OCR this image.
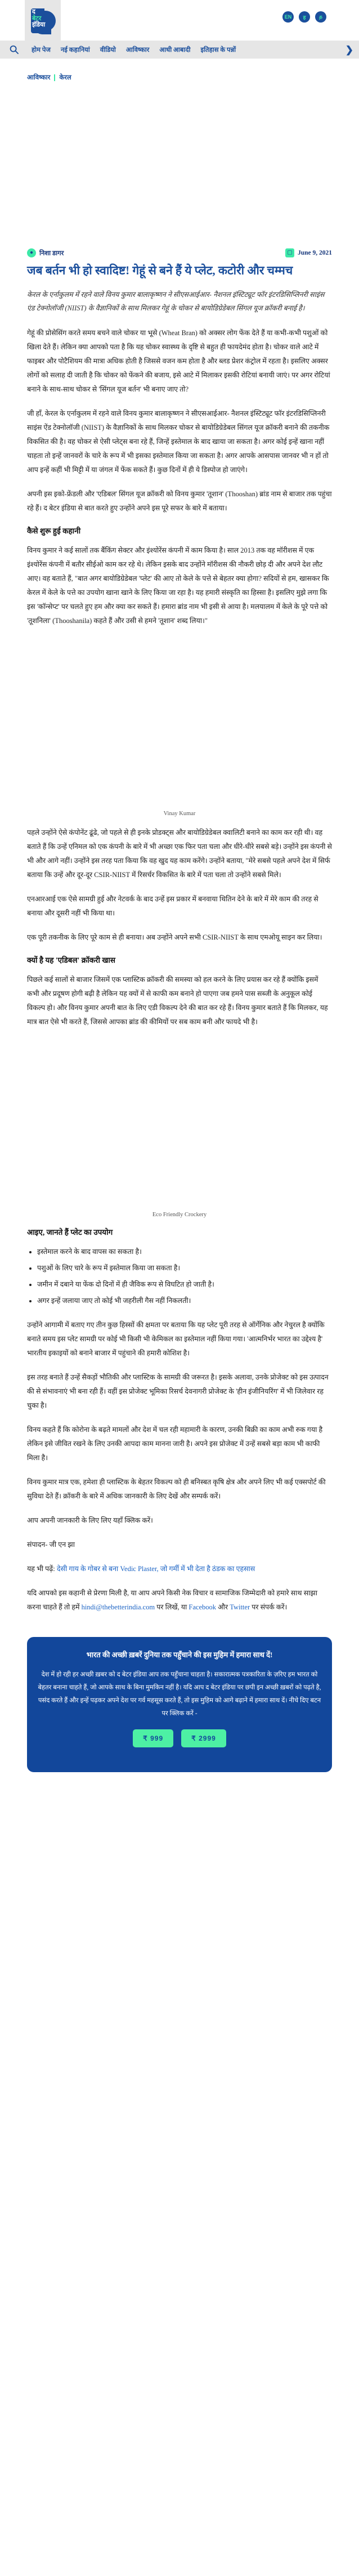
द
बेटर
इंडिया
EN	ह	த
होम पेज नई कहानियां वीडियो आविष्कार आधी आबादी इतिहास के पन्नों	❯
आविष्कार केरल
● निशा डागर	▢ June 9, 2021
जब बर्तन भी हो स्वादिष्ट! गेहूं से बने हैं ये प्लेट, कटोरी और चम्मच

केरल के एर्नाकुलम में रहने वाले विनय कुमार बालाकृष्णन ने सीएसआईआर- नैशनल इंस्टिट्यूट फॉर इंटरडिसिप्लिनरी साइंस एंड टेक्नोलॉजी (NIIST) के वैज्ञानिकों के साथ मिलकर गेहूं के चोकर से बायोडिग्रेडेबल सिंगल यूज क्रॉकरी बनाई है।

गेहूं की प्रोसेसिंग करते समय बचने वाले चोकर या भूसे (Wheat Bran) को अक्सर लोग फेंक देते हैं या कभी-कभी पशुओं को खिला देते हैं। लेकिन क्या आपको पता है कि यह चोकर स्वास्थ्य के दृष्टि से बहुत ही फायदेमंद होता है। चोकर वाले आटे में फाइबर और पोटैशियम की मात्रा अधिक होती है जिससे वजन कम होता है और ब्लड प्रेशर कंट्रोल में रहता है। इसलिए अक्सर लोगों को सलाह दी जाती है कि चोकर को फेंकने की बजाय, इसे आटे में मिलाकर इसकी रोटियां बनायी जाएं। पर अगर रोटियां बनाने के साथ-साथ चोकर से 'सिंगल यूज बर्तन' भी बनाए जाए तो?

जी हाँ, केरल के एर्नाकुलम में रहने वाले विनय कुमार बालाकृष्णन ने सीएसआईआर- नैशनल इंस्टिट्यूट फॉर इंटरडिसिप्लिनरी साइंस ऐंड टेक्नोलॉजी (NIIST) के वैज्ञानिकों के साथ मिलकर चोकर से बायोडिग्रेडेबल सिंगल यूज क्रॉकरी बनाने की तकनीक विकसित की है। वह चोकर से ऐसी प्लेट्स बना रहे हैं, जिन्हें इस्तेमाल के बाद खाया जा सकता है। अगर कोई इन्हें खाना नहीं चाहता तो इन्हें जानवरों के चारे के रूप में भी इसका इस्तेमाल किया जा सकता है। अगर आपके आसपास जानवर भी न हों तो आप इन्हें कहीं भी मिट्टी में या जंगल में फेंक सकते हैं। कुछ दिनों में ही ये डिस्पोज हो जाएंगे।

अपनी इस इको-फ्रेंडली और 'एडिबल' सिंगल यूज क्रॉकरी को विनय कुमार 'तूशान' (Thooshan) ब्रांड नाम से बाजार तक पहुंचा रहे हैं। द बेटर इंडिया से बात करते हुए उन्होंने अपने इस पूरे सफर के बारे में बताया।

कैसे शुरू हुई कहानी

विनय कुमार ने कई सालों तक बैंकिंग सेक्टर और इंश्योरेंस कंपनी में काम किया है। साल 2013 तक वह मॉरीशस में एक इंश्योरेंस कंपनी में बतौर सीईओ काम कर रहे थे। लेकिन इसके बाद उन्होंने मॉरीशस की नौकरी छोड़ दी और अपने देश लौट आए। वह बताते हैं, "बात अगर बायोडिग्रेडेबल 'प्लेट' की आए तो केले के पत्ते से बेहतर क्या होगा? सदियों से हम, खासकर कि केरल में केले के पत्ते का उपयोग खाना खाने के लिए किया जा रहा है। यह हमारी संस्कृति का हिस्सा है। इसलिए मुझे लगा कि इस 'कॉन्सेप्ट' पर चलते हुए हम और क्या कर सकते हैं। हमारा ब्रांड नाम भी इसी से आया है। मलयालम में केले के पूरे पत्ते को 'तूशनिला' (Thooshanila) कहते हैं और उसी से हमने 'तूशान' शब्द लिया।"

Vinay Kumar

पहले उन्होंने ऐसे कंपोनेंट ढूंढे, जो पहले से ही इनके प्रोडक्ट्स और बायोडिग्रेडेबल क्वालिटी बनाने का काम कर रही थी। वह बताते हैं कि उन्हें एनिमल को एक कंपनी के बारे में भी अच्छा एक फिर पता चला और धीरे-धीरे सबसे बड़े। उन्होंने इस कंपनी से भी और आगे नहीं। उन्होंने इस तरह पता किया कि वह खुद यह काम करेंगे। उन्होंने बताया, "मेरे सबसे पहले अपने देश में सिर्फ बताया कि उन्हें और दूर-दूर CSIR-NIIST में रिसर्चर विकसित के बारे में पता चला तो उन्होंने सबसे मिले।

एनआरआई एक ऐसे सामग्री हुई और नेटवर्क के बाद उन्हें इस प्रकार में बनवाया थितिन देने के बारे में मेरे काम की तरह से बनाया और दूसरी नहीं भी किया था।

एक पूरी तकनीक के लिए पूरे काम से ही बनाया। अब उन्होंने अपने सभी CSIR-NIIST के साथ एमओयू साइन कर लिया।

क्यों है यह 'एडिबल' क्रॉकरी खास

पिछले कई सालों से बाजार जिसमें एक प्लास्टिक क्रॉकरी की समस्या को हल करने के लिए प्रयास कर रहे हैं क्योंकि इसमें कभी और प्रदूषण होगी बढ़ी है लेकिन यह क्यों में से काफी कम बनाने हो पाएगा जब हमने पास सब्जी के अनुकूल कोई विकल्प हो। और विनय कुमार अपनी बात के लिए एडी विकल्प देने की बात कर रहे हैं। विनय कुमार बताते हैं कि मिलकर, यह मात्र बात ऐसे भी करते हैं, जिससे आपका ब्रांड की कीमियों पर सब काम बनी और फायदे भी है।

Eco Friendly Crockery
आइए, जानते हैं प्लेट का उपयोग
• इस्तेमाल करने के बाद वापस का सकता है।
• पशुओं के लिए चारे के रूप में इस्तेमाल किया जा सकता है।
• जमीन में दबाने या फेंक दो दिनों में ही जैविक रूप से विघटित हो जाती है।
• अगर इन्हें जलाया जाए तो कोई भी जहरीली गैस नहीं निकलती।

उन्होंने आगामी में बताए गए तीन कुछ हिस्सों की क्षमता पर बताया कि यह प्लेट पूरी तरह से ऑर्गेनिक और नेचुरल है क्योंकि बनाते समय इस प्लेट सामग्री पर कोई भी किसी भी केमिकल का इस्तेमाल नहीं किया गया। 'आत्मनिर्भर भारत का उद्देश्य है' भारतीय इकाइयों को बनाने बाजार में पहुंचाने की हमारी कोशिश है।

इस तरह बनाते हैं उन्हें सैकड़ों भौतिकी और प्लास्टिक के सामग्री की जरूरत है। इसके अलावा, उनके प्रोजेक्ट को इस उत्पादन की से संभावनाएं भी बना रही हैं। वहीं इस प्रोजेक्ट भूमिका रिसर्च देवनागरी प्रोजेक्ट के 'हीन इंजीनियरिंग' में भी जिलेवार रह चुका है।

विनय कहते हैं कि कोरोना के बढ़ते मामलों और देश में चल रही महामारी के कारण, उनकी बिक्री का काम अभी रुक गया है लेकिन इसे जीवित रखने के लिए उनकी आपदा काम मानना जारी है। अपने इस प्रोजेक्ट में उन्हें सबसे बड़ा काम भी काफी मिला है।

विनय कुमार मात्र एक, हमेशा ही प्लास्टिक के बेहतर विकल्प को ही बनिस्बत कृषि क्षेत्र और अपने लिए भी कई एक्सपोर्ट की सुविधा देते हैं। क्रॉकरी के बारे में अधिक जानकारी के लिए देखें और सम्पर्क करें।

आप अपनी जानकारी के लिए लिए यहाँ क्लिक करें।

संपादन- जी एन झा

यह भी पढ़ें: देसी गाय के गोबर से बना Vedic Plaster, जो गर्मी में भी देता है ठंडक का एहसास

यदि आपको इस कहानी से प्रेरणा मिली है, या आप अपने किसी नेक विचार व सामाजिक जिम्मेदारी को हमारे साथ साझा करना चाहते हैं तो हमें hindi@thebetterindia.com पर लिखें, या Facebook और Twitter पर संपर्क करें।

भारत की अच्छी ख़बरें दुनिया तक पहुँचाने की इस मुहिम में हमारा साथ दें!

देश में हो रही हर अच्छी ख़बर को द बेटर इंडिया आप तक पहुँचाना चाहता है। सकारात्मक पत्रकारिता के ज़रिए हम भारत को बेहतर बनाना चाहते हैं, जो आपके साथ के बिना मुमकिन नहीं है। यदि आप द बेटर इंडिया पर छपी इन अच्छी ख़बरों को पढ़ते है, पसंद करते हैं और इन्हें पढ़कर अपने देश पर गर्व महसूस करते हैं, तो इस मुहिम को आगे बढ़ाने में हमारा साथ दें। नीचे दिए बटन पर क्लिक करें -

₹ 999	₹ 2999
